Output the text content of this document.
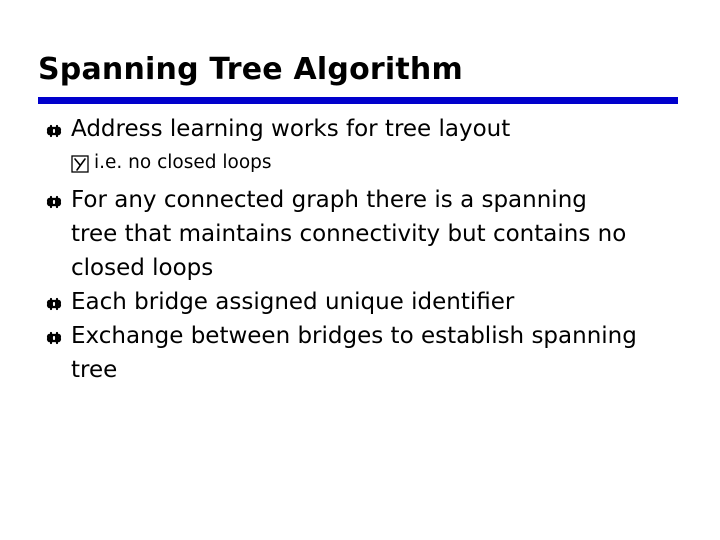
Spanning Tree Algorithm
Address learning works for tree layout
i.e. no closed loops
For any connected graph there is a spanning
tree that maintains connectivity but contains no
closed loops
Each bridge assigned unique identifier
Exchange between bridges to establish spanning
tree
